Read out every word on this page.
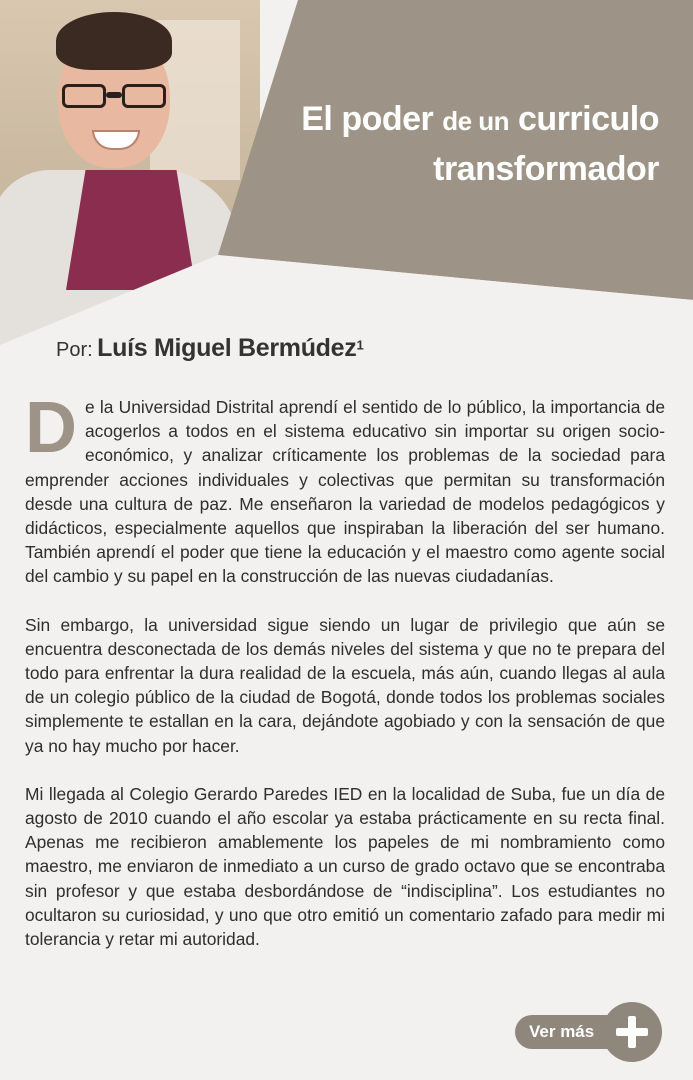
El poder de un curriculo
transformador
Por: Luís Miguel Bermúdez$^1$

De la Universidad Distrital aprendí el sentido de lo público, la importancia de acogerlos a todos en el sistema educativo sin importar su origen socio-económico, y analizar críticamente los problemas de la sociedad para emprender acciones individuales y colectivas que permitan su transformación desde una cultura de paz. Me enseñaron la variedad de modelos pedagógicos y didácticos, especialmente aquellos que inspiraban la liberación del ser humano. También aprendí el poder que tiene la educación y el maestro como agente social del cambio y su papel en la construcción de las nuevas ciudadanías.

Sin embargo, la universidad sigue siendo un lugar de privilegio que aún se encuentra desconectada de los demás niveles del sistema y que no te prepara del todo para enfrentar la dura realidad de la escuela, más aún, cuando llegas al aula de un colegio público de la ciudad de Bogotá, donde todos los problemas sociales simplemente te estallan en la cara, dejándote agobiado y con la sensación de que ya no hay mucho por hacer.

Mi llegada al Colegio Gerardo Paredes IED en la localidad de Suba, fue un día de agosto de 2010 cuando el año escolar ya estaba prácticamente en su recta final. Apenas me recibieron amablemente los papeles de mi nombramiento como maestro, me enviaron de inmediato a un curso de grado octavo que se encontraba sin profesor y que estaba desbordándose de “indisciplina”. Los estudiantes no ocultaron su curiosidad, y uno que otro emitió un comentario zafado para medir mi tolerancia y retar mi autoridad.

Ver más
